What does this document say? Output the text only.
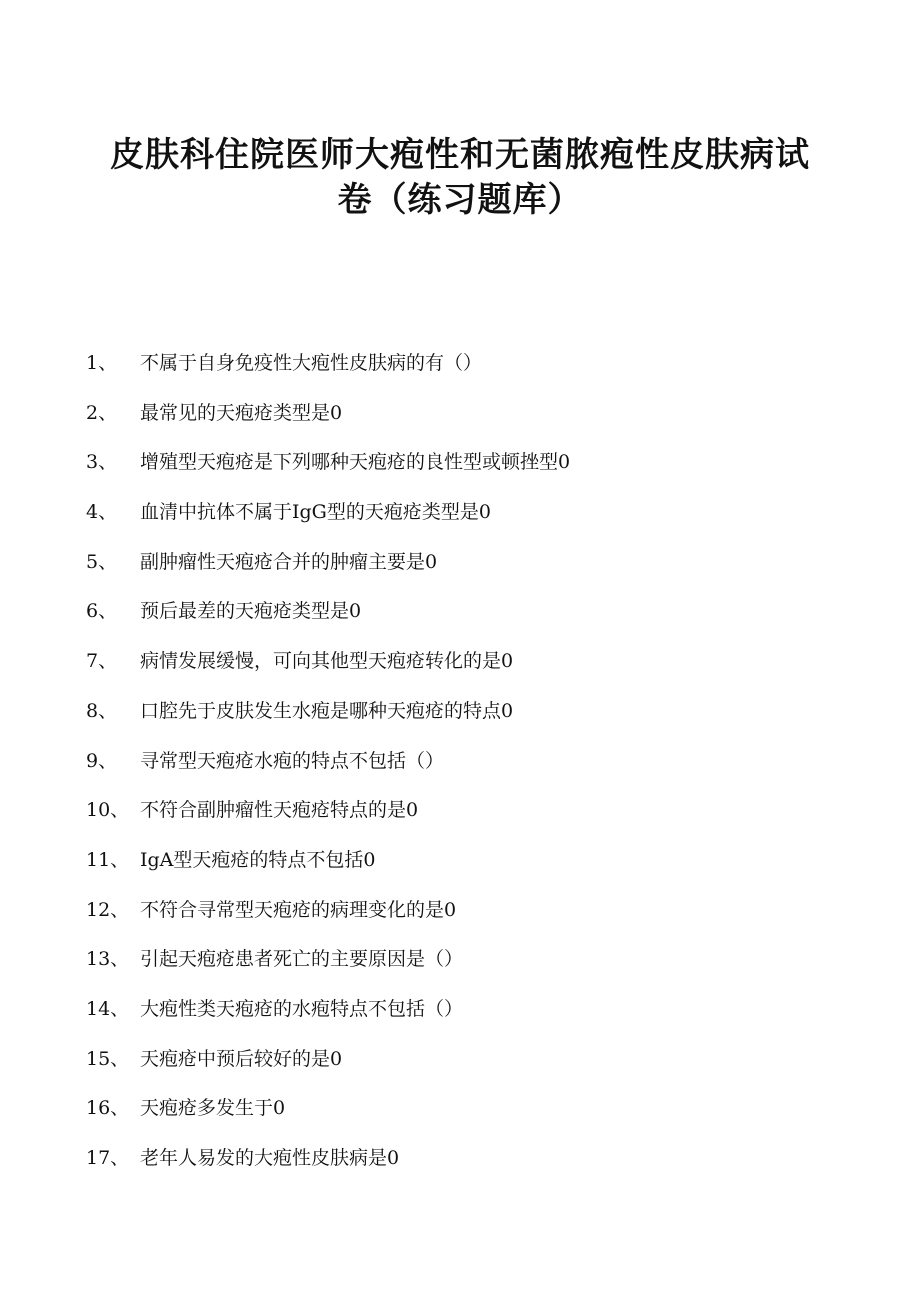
皮肤科住院医师大疱性和无菌脓疱性皮肤病试
卷（练习题库）
1、 不属于自身免疫性大疱性皮肤病的有（）
2、 最常见的天疱疮类型是0
3、 增殖型天疱疮是下列哪种天疱疮的良性型或顿挫型0
4、 血清中抗体不属于IgG型的天疱疮类型是0
5、 副肿瘤性天疱疮合并的肿瘤主要是0
6、 预后最差的天疱疮类型是0
7、 病情发展缓慢，可向其他型天疱疮转化的是0
8、 口腔先于皮肤发生水疱是哪种天疱疮的特点0
9、 寻常型天疱疮水疱的特点不包括（）
10、 不符合副肿瘤性天疱疮特点的是0
11、 IgA型天疱疮的特点不包括0
12、 不符合寻常型天疱疮的病理变化的是0
13、 引起天疱疮患者死亡的主要原因是（）
14、 大疱性类天疱疮的水疱特点不包括（）
15、 天疱疮中预后较好的是0
16、 天疱疮多发生于0
17、 老年人易发的大疱性皮肤病是0
